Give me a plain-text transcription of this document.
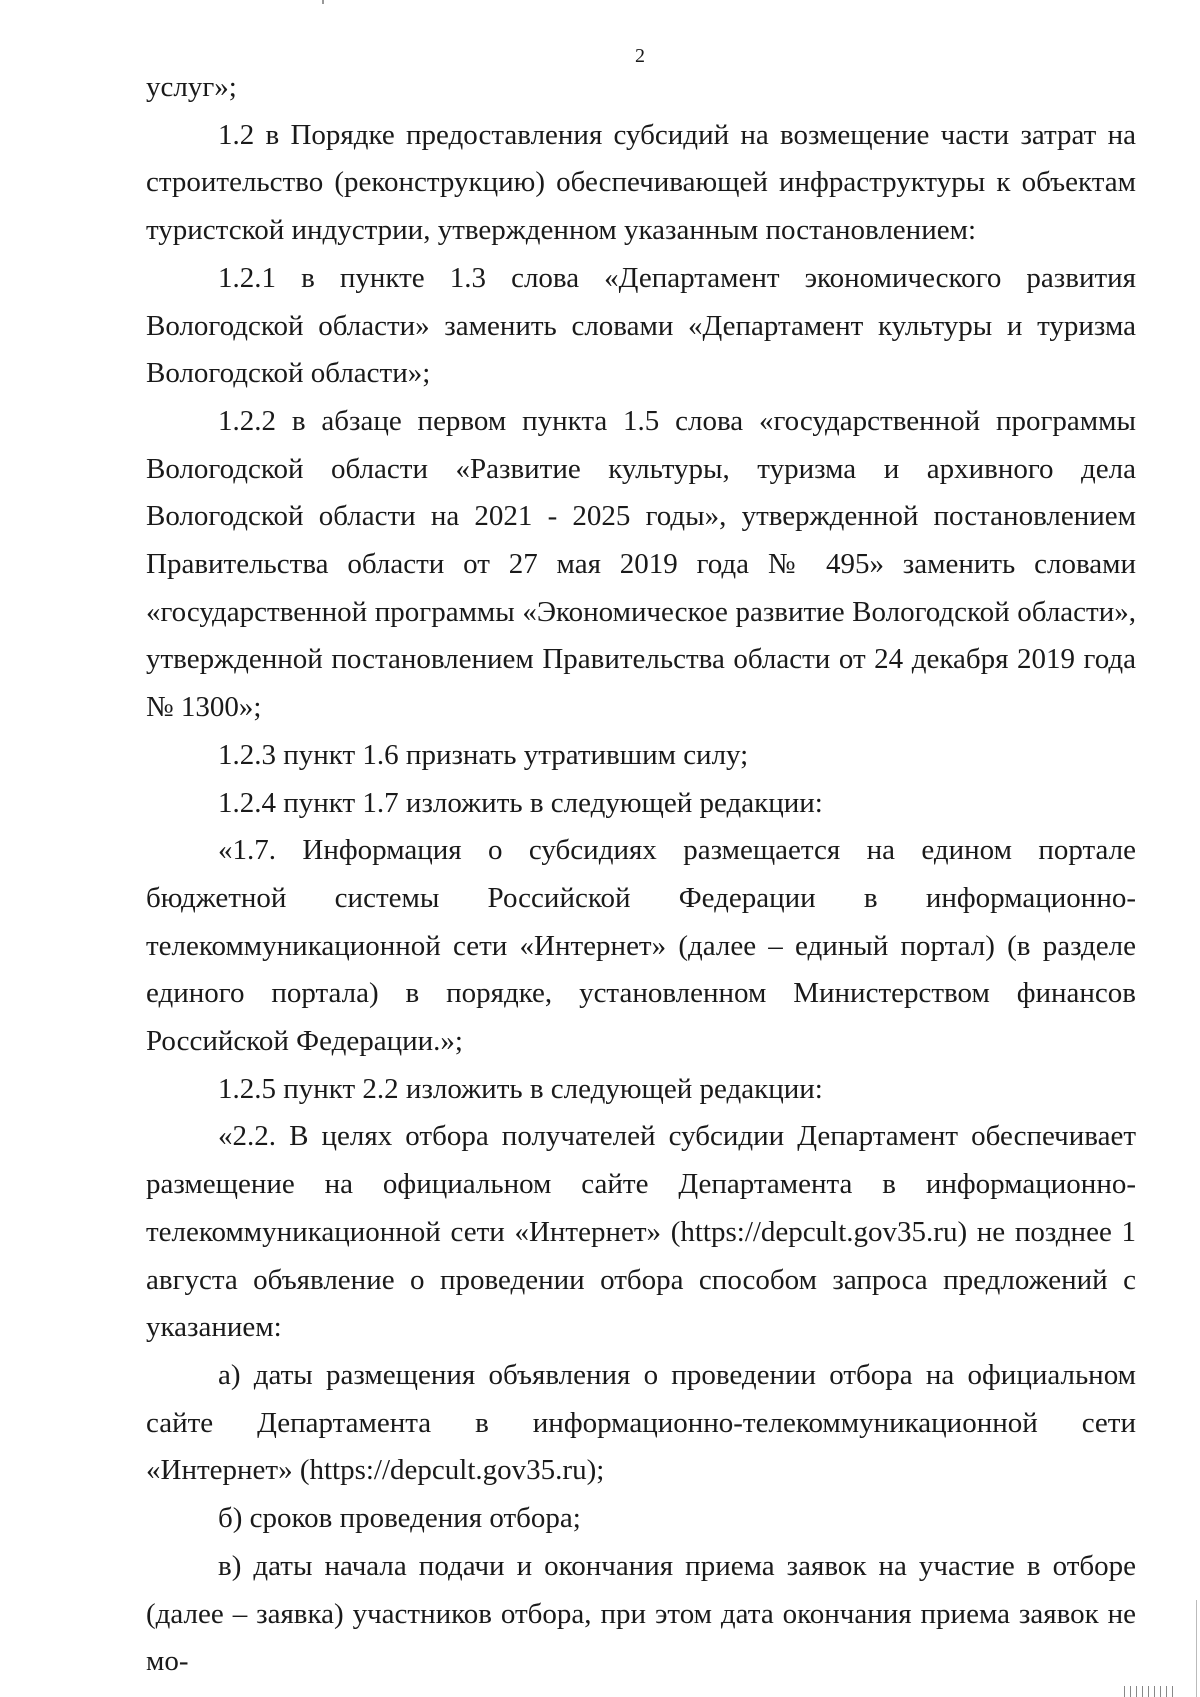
2

услуг»;

1.2 в Порядке предоставления субсидий на возмещение части затрат на строительство (реконструкцию) обеспечивающей инфраструктуры к объектам туристской индустрии, утвержденном указанным постановлением:

1.2.1 в пункте 1.3 слова «Департамент экономического развития Вологодской области» заменить словами «Департамент культуры и туризма Вологодской области»;

1.2.2 в абзаце первом пункта 1.5 слова «государственной программы Вологодской области «Развитие культуры, туризма и архивного дела Вологодской области на 2021 - 2025 годы», утвержденной постановлением Правительства области от 27 мая 2019 года № 495» заменить словами «государственной программы «Экономическое развитие Вологодской области», утвержденной постановлением Правительства области от 24 декабря 2019 года № 1300»;

1.2.3 пункт 1.6 признать утратившим силу;

1.2.4 пункт 1.7 изложить в следующей редакции:

«1.7. Информация о субсидиях размещается на едином портале бюджетной системы Российской Федерации в информационно-телекоммуникационной сети «Интернет» (далее – единый портал) (в разделе единого портала) в порядке, установленном Министерством финансов Российской Федерации.»;

1.2.5 пункт 2.2 изложить в следующей редакции:

«2.2. В целях отбора получателей субсидии Департамент обеспечивает размещение на официальном сайте Департамента в информационно-телекоммуникационной сети «Интернет» (https://depcult.gov35.ru) не позднее 1 августа объявление о проведении отбора способом запроса предложений с указанием:

а) даты размещения объявления о проведении отбора на официальном сайте Департамента в информационно-телекоммуникационной сети «Интернет» (https://depcult.gov35.ru);

б) сроков проведения отбора;

в) даты начала подачи и окончания приема заявок на участие в отборе (далее – заявка) участников отбора, при этом дата окончания приема заявок не мо-
